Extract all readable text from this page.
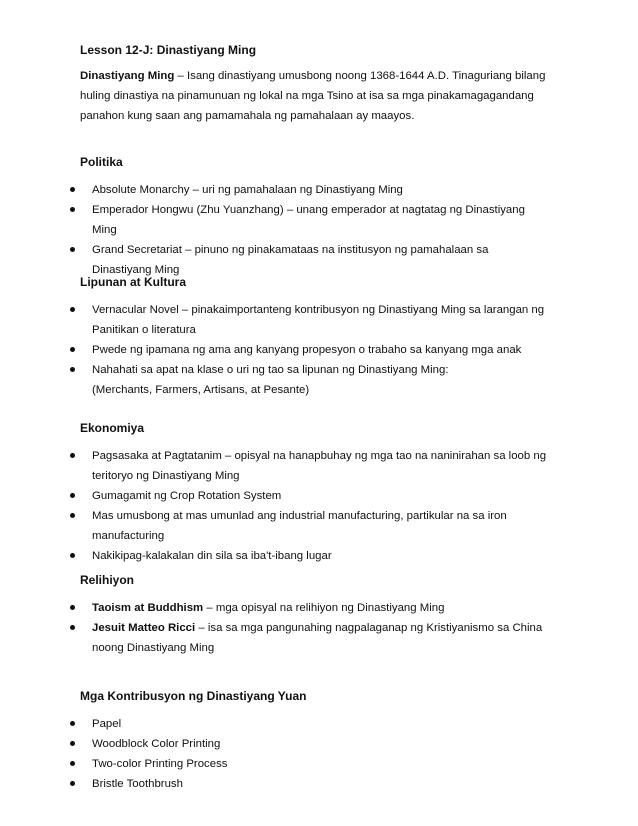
Lesson 12-J: Dinastiyang Ming

Dinastiyang Ming – Isang dinastiyang umusbong noong 1368-1644 A.D. Tinaguriang bilang huling dinastiya na pinamunuan ng lokal na mga Tsino at isa sa mga pinakamagagandang panahon kung saan ang pamamahala ng pamahalaan ay maayos.

Politika
Absolute Monarchy – uri ng pamahalaan ng Dinastiyang Ming
Emperador Hongwu (Zhu Yuanzhang) – unang emperador at nagtatag ng Dinastiyang Ming
Grand Secretariat – pinuno ng pinakamataas na institusyon ng pamahalaan sa Dinastiyang Ming
Lipunan at Kultura
Vernacular Novel – pinakaimportanteng kontribusyon ng Dinastiyang Ming sa larangan ng Panitikan o literatura
Pwede ng ipamana ng ama ang kanyang propesyon o trabaho sa kanyang mga anak
Nahahati sa apat na klase o uri ng tao sa lipunan ng Dinastiyang Ming:
(Merchants, Farmers, Artisans, at Pesante)
Ekonomiya
Pagsasaka at Pagtatanim – opisyal na hanapbuhay ng mga tao na naninirahan sa loob ng teritoryo ng Dinastiyang Ming
Gumagamit ng Crop Rotation System
Mas umusbong at mas umunlad ang industrial manufacturing, partikular na sa iron manufacturing
Nakikipag-kalakalan din sila sa iba't-ibang lugar
Relihiyon
Taoism at Buddhism – mga opisyal na relihiyon ng Dinastiyang Ming
Jesuit Matteo Ricci – isa sa mga pangunahing nagpalaganap ng Kristiyanismo sa China noong Dinastiyang Ming
Mga Kontribusyon ng Dinastiyang Yuan
Papel
Woodblock Color Printing
Two-color Printing Process
Bristle Toothbrush
